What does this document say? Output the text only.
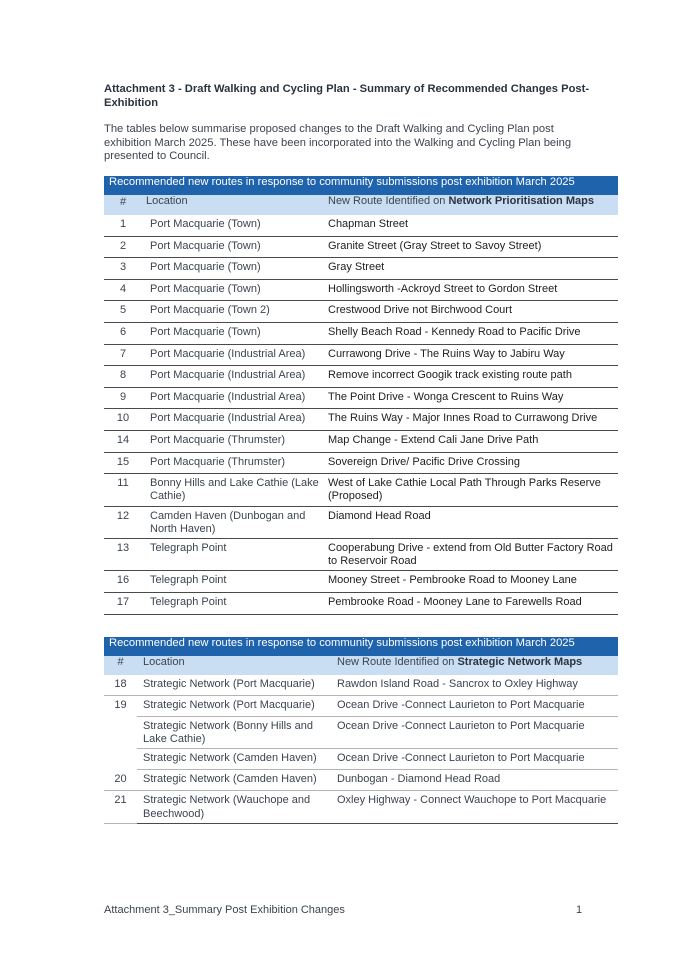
Attachment 3 - Draft Walking and Cycling Plan - Summary of Recommended Changes Post-Exhibition
The tables below summarise proposed changes to the Draft Walking and Cycling Plan post exhibition March 2025. These have been incorporated into the Walking and Cycling Plan being presented to Council.
Recommended new routes in response to community submissions post exhibition March 2025		
#	Location	New Route Identified on Network Prioritisation Maps
1	Port Macquarie (Town)	Chapman Street
2	Port Macquarie (Town)	Granite Street (Gray Street to Savoy Street)
3	Port Macquarie (Town)	Gray Street
4	Port Macquarie (Town)	Hollingsworth -Ackroyd Street to Gordon Street
5	Port Macquarie (Town 2)	Crestwood Drive not Birchwood Court
6	Port Macquarie (Town)	Shelly Beach Road - Kennedy Road to Pacific Drive
7	Port Macquarie (Industrial Area)	Currawong Drive - The Ruins Way to Jabiru Way
8	Port Macquarie (Industrial Area)	Remove incorrect Googik track existing route path
9	Port Macquarie (Industrial Area)	The Point Drive - Wonga Crescent to Ruins Way
10	Port Macquarie (Industrial Area)	The Ruins Way - Major Innes Road to Currawong Drive
14	Port Macquarie (Thrumster)	Map Change - Extend Cali Jane Drive Path
15	Port Macquarie (Thrumster)	Sovereign Drive/ Pacific Drive Crossing
11	Bonny Hills and Lake Cathie (Lake Cathie)	West of Lake Cathie Local Path Through Parks Reserve (Proposed)
12	Camden Haven (Dunbogan and North Haven)	Diamond Head Road
13	Telegraph Point	Cooperabung Drive - extend from Old Butter Factory Road to Reservoir Road
16	Telegraph Point	Mooney Street - Pembrooke Road to Mooney Lane
17	Telegraph Point	Pembrooke Road - Mooney Lane to Farewells Road
Recommended new routes in response to community submissions post exhibition March 2025		
#	Location	New Route Identified on Strategic Network Maps
18	Strategic Network (Port Macquarie)	Rawdon Island Road - Sancrox to Oxley Highway
19	Strategic Network (Port Macquarie)	Ocean Drive -Connect Laurieton to Port Macquarie
	Strategic Network (Bonny Hills and Lake Cathie)	Ocean Drive -Connect Laurieton to Port Macquarie
	Strategic Network (Camden Haven)	Ocean Drive -Connect Laurieton to Port Macquarie
20	Strategic Network (Camden Haven)	Dunbogan - Diamond Head Road
21	Strategic Network (Wauchope and Beechwood)	Oxley Highway - Connect Wauchope to Port Macquarie
Attachment 3_Summary Post Exhibition Changes	1
